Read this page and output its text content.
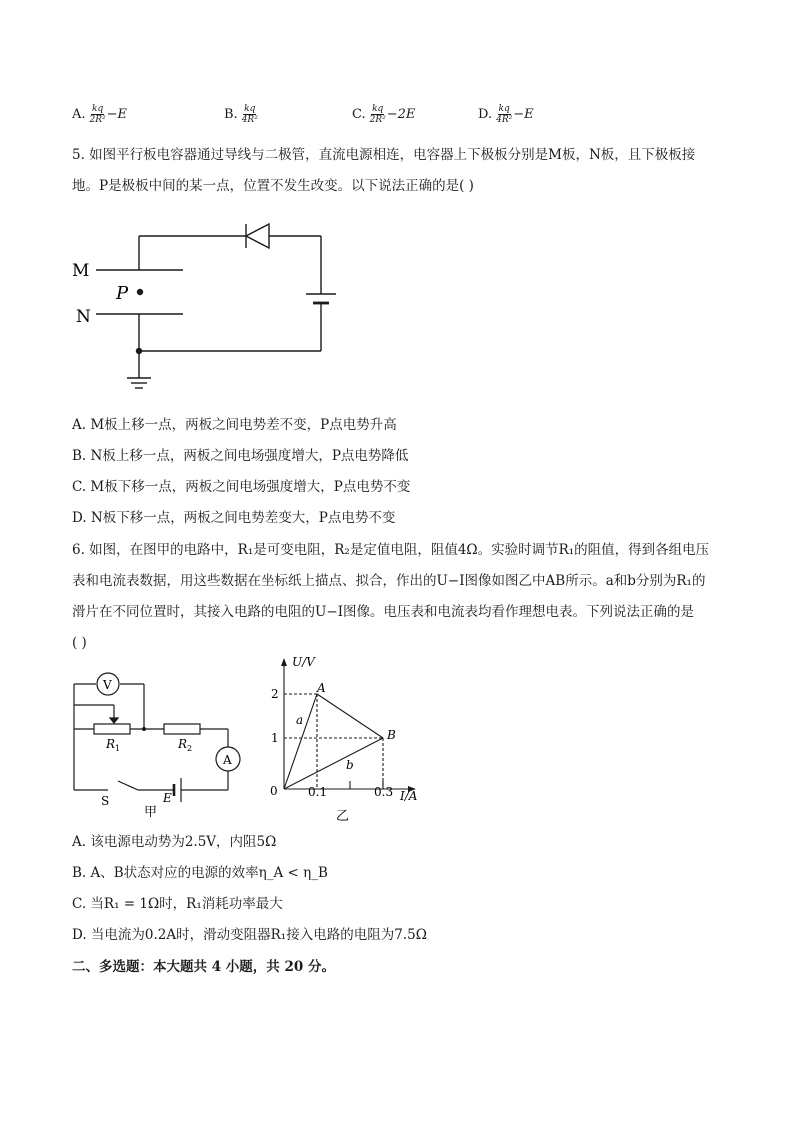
A. $\frac{kq}{\text{2R²}} -E$	B. $\frac{kq}{\text{4R²}}$	C. $\frac{kq}{\text{2R²}} -2E$	D. $\frac{kq}{\text{4R²}} -E$
5. 如图平行板电容器通过导线与二极管，直流电源相连，电容器上下极板分别是M板，N板，且下极板接
地。P是极板中间的某一点，位置不发生改变。以下说法正确的是( )
M
N
P
A. M板上移一点，两板之间电势差不变，P点电势升高
B. N板上移一点，两板之间电场强度增大，P点电势降低
C. M板下移一点，两板之间电场强度增大，P点电势不变
D. N板下移一点，两板之间电势差变大，P点电势不变
6. 如图，在图甲的电路中，R₁是可变电阻，R₂是定值电阻，阻值4Ω。实验时调节R₁的阻值，得到各组电压
表和电流表数据，用这些数据在坐标纸上描点、拟合，作出的U−I图像如图乙中AB所示。a和b分别为R₁的
滑片在不同位置时，其接入电路的电阻的U−I图像。电压表和电流表均看作理想电表。下列说法正确的是
( )
V
A
$R_1$	$R_2$
S	E
甲
U/V
I/A
0
2
1
0.1	0.3
A
B
a
b
乙
A. 该电源电动势为2.5V，内阻5Ω
B. A、B状态对应的电源的效率η_A < η_B
C. 当R₁ = 1Ω时，R₁消耗功率最大
D. 当电流为0.2A时，滑动变阻器R₁接入电路的电阻为7.5Ω
二、多选题：本大题共 4 小题，共 20 分。
